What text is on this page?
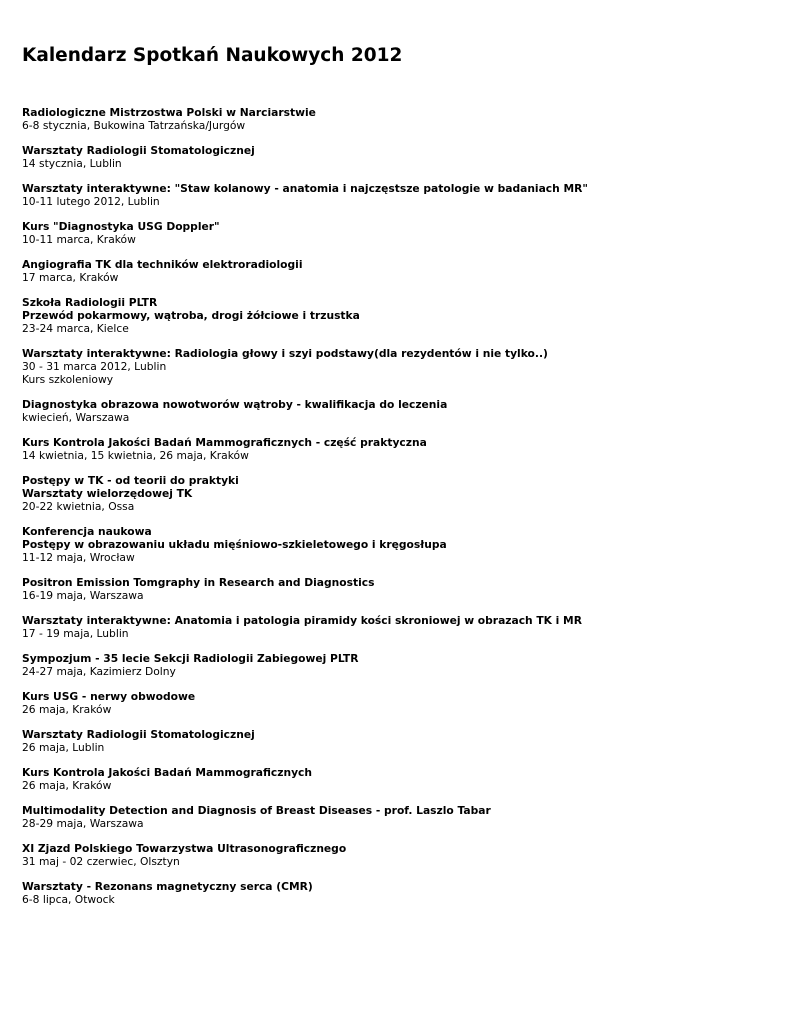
Kalendarz Spotkań Naukowych 2012
Radiologiczne Mistrzostwa Polski w Narciarstwie
6-8 stycznia, Bukowina Tatrzańska/Jurgów
Warsztaty Radiologii Stomatologicznej
14 stycznia, Lublin
Warsztaty interaktywne: "Staw kolanowy - anatomia i najczęstsze patologie w badaniach MR"
10-11 lutego 2012, Lublin
Kurs "Diagnostyka USG Doppler"
10-11 marca, Kraków
Angiografia TK dla techników elektroradiologii
17 marca, Kraków
Szkoła Radiologii PLTR
Przewód pokarmowy, wątroba, drogi żółciowe i trzustka
23-24 marca, Kielce
Warsztaty interaktywne: Radiologia głowy i szyi podstawy(dla rezydentów i nie tylko..)
30 - 31 marca 2012, Lublin
Kurs szkoleniowy
Diagnostyka obrazowa nowotworów wątroby - kwalifikacja do leczenia
kwiecień, Warszawa
Kurs Kontrola Jakości Badań Mammograficznych - część praktyczna
14 kwietnia, 15 kwietnia, 26 maja, Kraków
Postępy w TK - od teorii do praktyki
Warsztaty wielorzędowej TK
20-22 kwietnia, Ossa
Konferencja naukowa
Postępy w obrazowaniu układu mięśniowo-szkieletowego i kręgosłupa
11-12 maja, Wrocław
Positron Emission Tomgraphy in Research and Diagnostics
16-19 maja, Warszawa
Warsztaty interaktywne: Anatomia i patologia piramidy kości skroniowej w obrazach TK i MR
17 - 19 maja, Lublin
Sympozjum - 35 lecie Sekcji Radiologii Zabiegowej PLTR
24-27 maja, Kazimierz Dolny
Kurs USG - nerwy obwodowe
26 maja, Kraków
Warsztaty Radiologii Stomatologicznej
26 maja, Lublin
Kurs Kontrola Jakości Badań Mammograficznych
26 maja, Kraków
Multimodality Detection and Diagnosis of Breast Diseases - prof. Laszlo Tabar
28-29 maja, Warszawa
XI Zjazd Polskiego Towarzystwa Ultrasonograficznego
31 maj - 02 czerwiec, Olsztyn
Warsztaty - Rezonans magnetyczny serca (CMR)
6-8 lipca, Otwock
